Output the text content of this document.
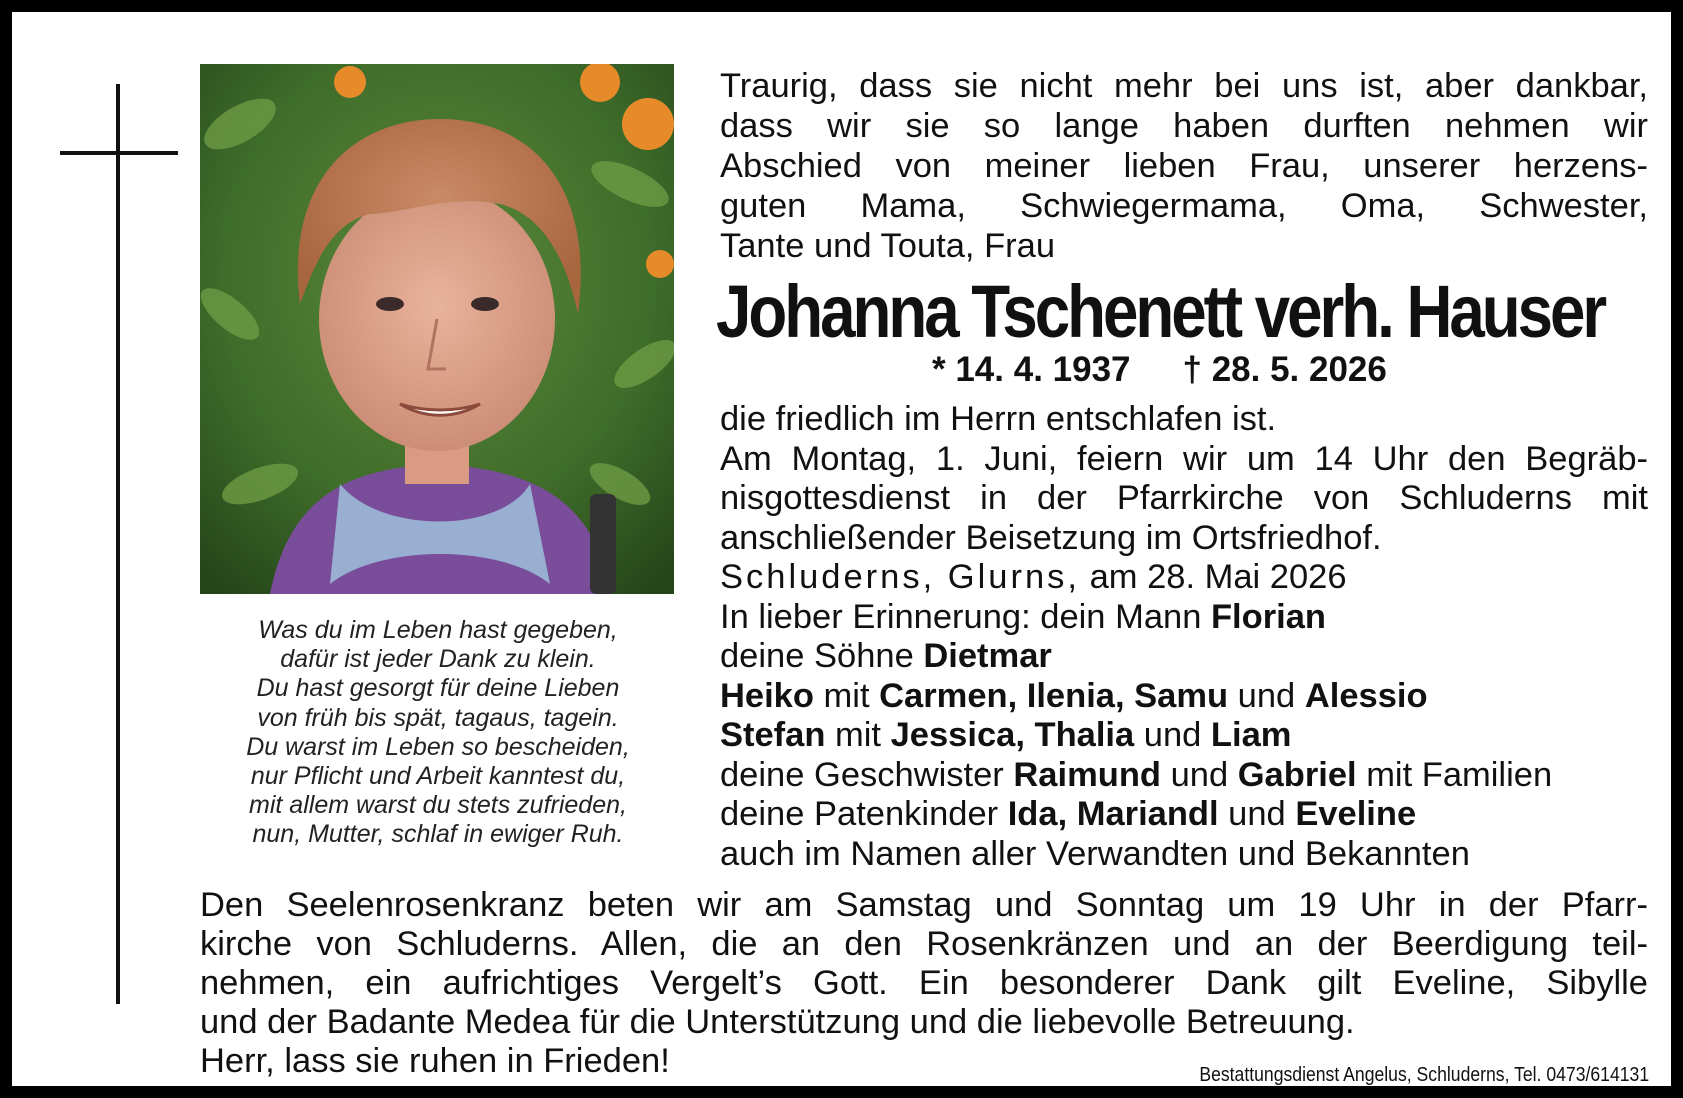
Was du im Leben hast gegeben,
dafür ist jeder Dank zu klein.
Du hast gesorgt für deine Lieben
von früh bis spät, tagaus, tagein.
Du warst im Leben so bescheiden,
nur Pflicht und Arbeit kanntest du,
mit allem warst du stets zufrieden,
nun, Mutter, schlaf in ewiger Ruh.
Traurig, dass sie nicht mehr bei uns ist, aber dankbar,
dass wir sie so lange haben durften nehmen wir
Abschied von meiner lieben Frau, unserer herzens-
guten Mama, Schwiegermama, Oma, Schwester,
Tante und Touta, Frau
Johanna Tschenett verh. Hauser
* 14. 4. 1937 † 28. 5. 2026
die friedlich im Herrn entschlafen ist.
Am Montag, 1. Juni, feiern wir um 14 Uhr den Begräb-
nisgottesdienst in der Pfarrkirche von Schluderns mit
anschließender Beisetzung im Ortsfriedhof.
Schluderns, Glurns, am 28. Mai 2026
In lieber Erinnerung: dein Mann Florian
deine Söhne Dietmar
Heiko mit Carmen, Ilenia, Samu und Alessio
Stefan mit Jessica, Thalia und Liam
deine Geschwister Raimund und Gabriel mit Familien
deine Patenkinder Ida, Mariandl und Eveline
auch im Namen aller Verwandten und Bekannten
Den Seelenrosenkranz beten wir am Samstag und Sonntag um 19 Uhr in der Pfarr-
kirche von Schluderns. Allen, die an den Rosenkränzen und an der Beerdigung teil-
nehmen, ein aufrichtiges Vergelt’s Gott. Ein besonderer Dank gilt Eveline, Sibylle
und der Badante Medea für die Unterstützung und die liebevolle Betreuung.
Herr, lass sie ruhen in Frieden!	Bestattungsdienst Angelus, Schluderns, Tel. 0473/614131
